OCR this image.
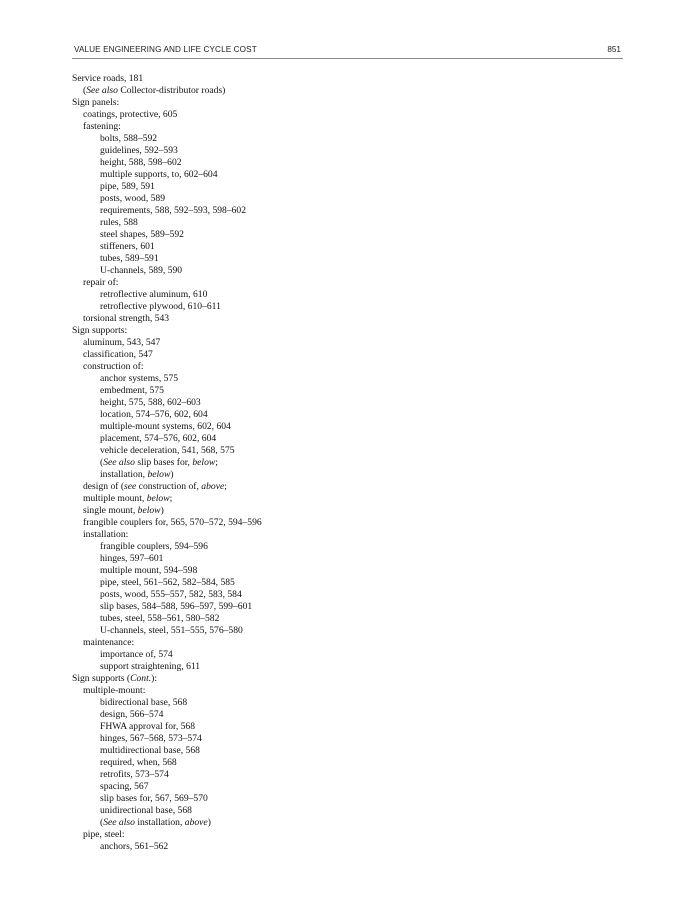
VALUE ENGINEERING AND LIFE CYCLE COST	851
Service roads, 181
(See also Collector-distributor roads)
Sign panels:
coatings, protective, 605
fastening:
bolts, 588–592
guidelines, 592–593
height, 588, 598–602
multiple supports, to, 602–604
pipe, 589, 591
posts, wood, 589
requirements, 588, 592–593, 598–602
rules, 588
steel shapes, 589–592
stiffeners, 601
tubes, 589–591
U-channels, 589, 590
repair of:
retroflective aluminum, 610
retroflective plywood, 610–611
torsional strength, 543
Sign supports:
aluminum, 543, 547
classification, 547
construction of:
anchor systems, 575
embedment, 575
height, 575, 588, 602–603
location, 574–576, 602, 604
multiple-mount systems, 602, 604
placement, 574–576, 602, 604
vehicle deceleration, 541, 568, 575
(See also slip bases for, below;
installation, below)
design of (see construction of, above;
multiple mount, below;
single mount, below)
frangible couplers for, 565, 570–572, 594–596
installation:
frangible couplers, 594–596
hinges, 597–601
multiple mount, 594–598
pipe, steel, 561–562, 582–584, 585
posts, wood, 555–557, 582, 583, 584
slip bases, 584–588, 596–597, 599–601
tubes, steel, 558–561, 580–582
U-channels, steel, 551–555, 576–580
maintenance:
importance of, 574
support straightening, 611
Sign supports (Cont.):
multiple-mount:
bidirectional base, 568
design, 566–574
FHWA approval for, 568
hinges, 567–568, 573–574
multidirectional base, 568
required, when, 568
retrofits, 573–574
spacing, 567
slip bases for, 567, 569–570
unidirectional base, 568
(See also installation, above)
pipe, steel:
anchors, 561–562
